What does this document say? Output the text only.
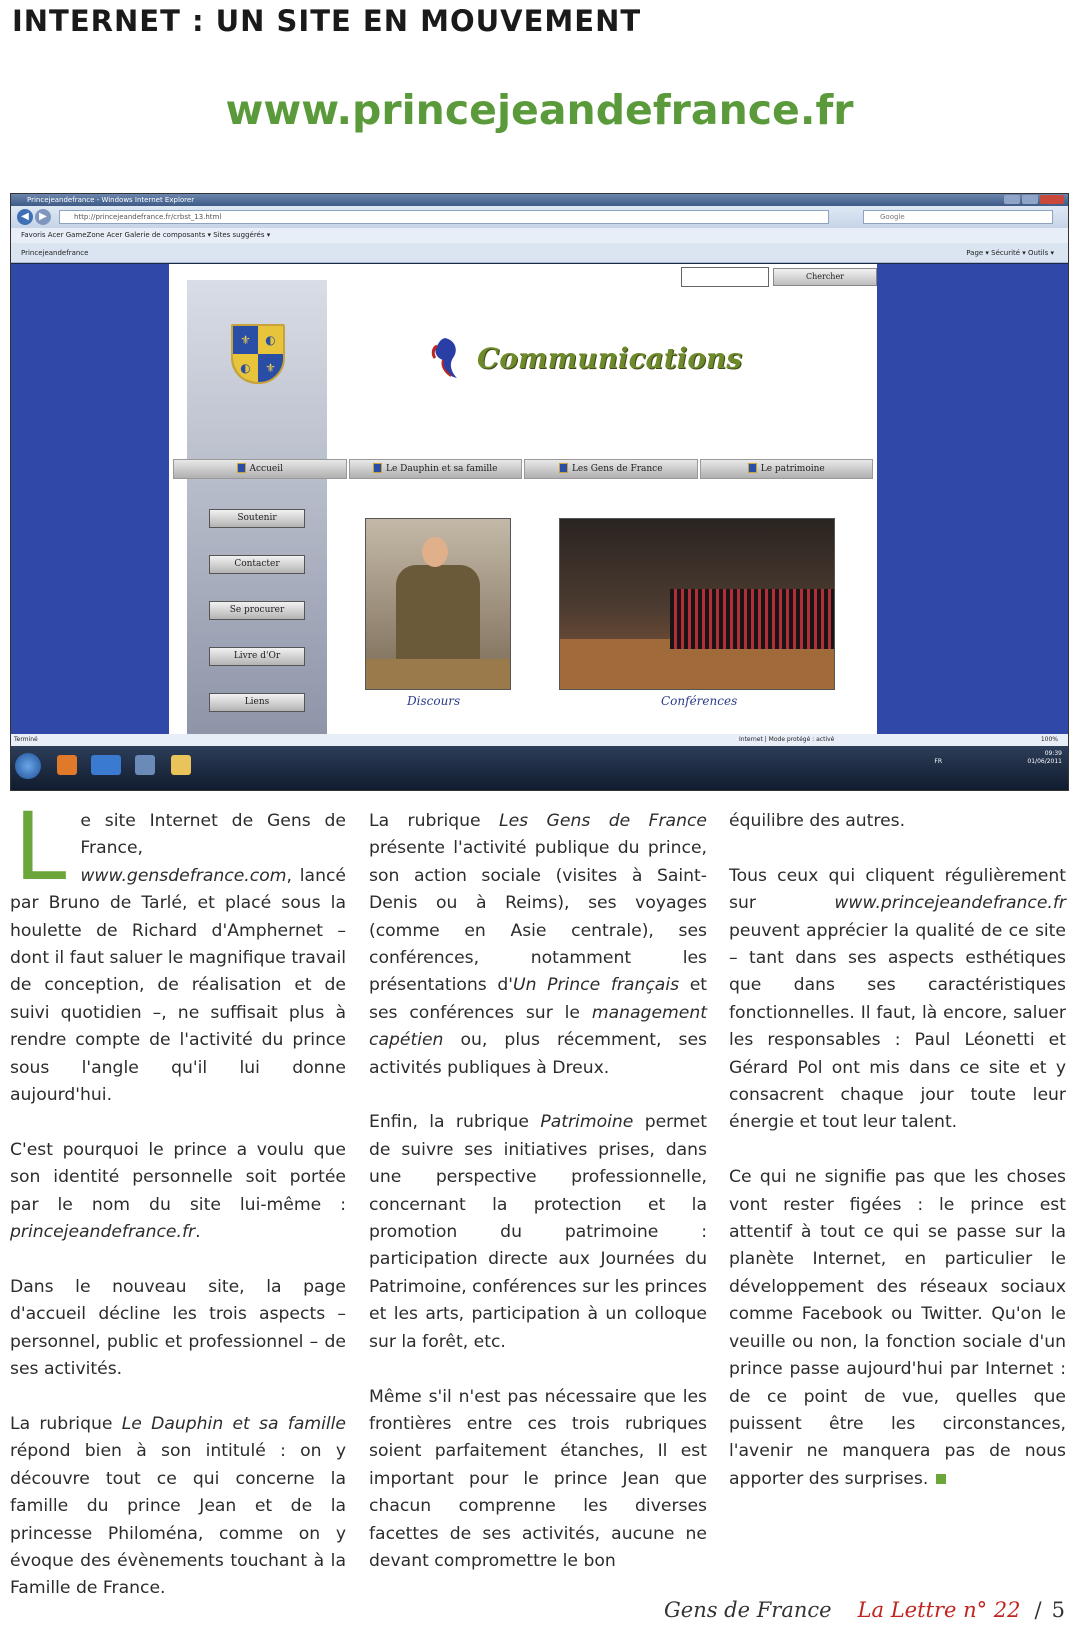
INTERNET : UN SITE EN MOUVEMENT
www.princejeandefrance.fr
Princejeandefrance - Windows Internet Explorer
◀	▶	http://princejeandefrance.fr/crbst_13.html	Google
Favoris Acer GameZone Acer Galerie de composants ▾ Sites suggérés ▾
Princejeandefrance	Page ▾ Sécurité ▾ Outils ▾
Chercher
⚜	◐
◐	⚜	Communications
Accueil	Le Dauphin et sa famille	Les Gens de France	Le patrimoine
Soutenir
Contacter
Se procurer
Livre d'Or
Liens	Discours	Conférences
Terminé	Internet | Mode protégé : activé	100%
FR
09:39
01/06/2011

Le site Internet de Gens de France, www.gensdefrance.com, lancé par Bruno de Tarlé, et placé sous la houlette de Richard d'Amphernet – dont il faut saluer le magnifique travail de conception, de réalisation et de suivi quotidien –, ne suffisait plus à rendre compte de l'activité du prince sous l'angle qu'il lui donne aujourd'hui.

C'est pourquoi le prince a voulu que son identité personnelle soit portée par le nom du site lui-même : princejeandefrance.fr.

Dans le nouveau site, la page d'accueil décline les trois aspects – personnel, public et professionnel – de ses activités.

La rubrique Le Dauphin et sa famille répond bien à son intitulé : on y découvre tout ce qui concerne la famille du prince Jean et de la princesse Philoména, comme on y évoque des évènements touchant à la Famille de France.

La rubrique Les Gens de France présente l'activité publique du prince, son action sociale (visites à Saint-Denis ou à Reims), ses voyages (comme en Asie centrale), ses conférences, notamment les présentations d'Un Prince français et ses conférences sur le management capétien ou, plus récemment, ses activités publiques à Dreux.

Enfin, la rubrique Patrimoine permet de suivre ses initiatives prises, dans une perspective professionnelle, concernant la protection et la promotion du patrimoine : participation directe aux Journées du Patrimoine, conférences sur les princes et les arts, participation à un colloque sur la forêt, etc.

Même s'il n'est pas nécessaire que les frontières entre ces trois rubriques soient parfaitement étanches, Il est important pour le prince Jean que chacun comprenne les diverses facettes de ses activités, aucune ne devant compromettre le bon

équilibre des autres.

Tous ceux qui cliquent régulièrement sur	www.princejeandefrance.fr peuvent apprécier la qualité de ce site – tant dans ses aspects esthétiques que dans ses caractéristiques fonctionnelles. Il faut, là encore, saluer les responsables : Paul Léonetti et Gérard Pol ont mis dans ce site et y consacrent chaque jour toute leur énergie et tout leur talent.

Ce qui ne signifie pas que les choses vont rester figées : le prince est attentif à tout ce qui se passe sur la planète Internet, en particulier le développement des réseaux sociaux comme Facebook ou Twitter. Qu'on le veuille ou non, la fonction sociale d'un prince passe aujourd'hui par Internet : de ce point de vue, quelles que puissent être les circonstances, l'avenir ne manquera pas de nous apporter des surprises.

Gens de France La Lettre n° 22 / 5
